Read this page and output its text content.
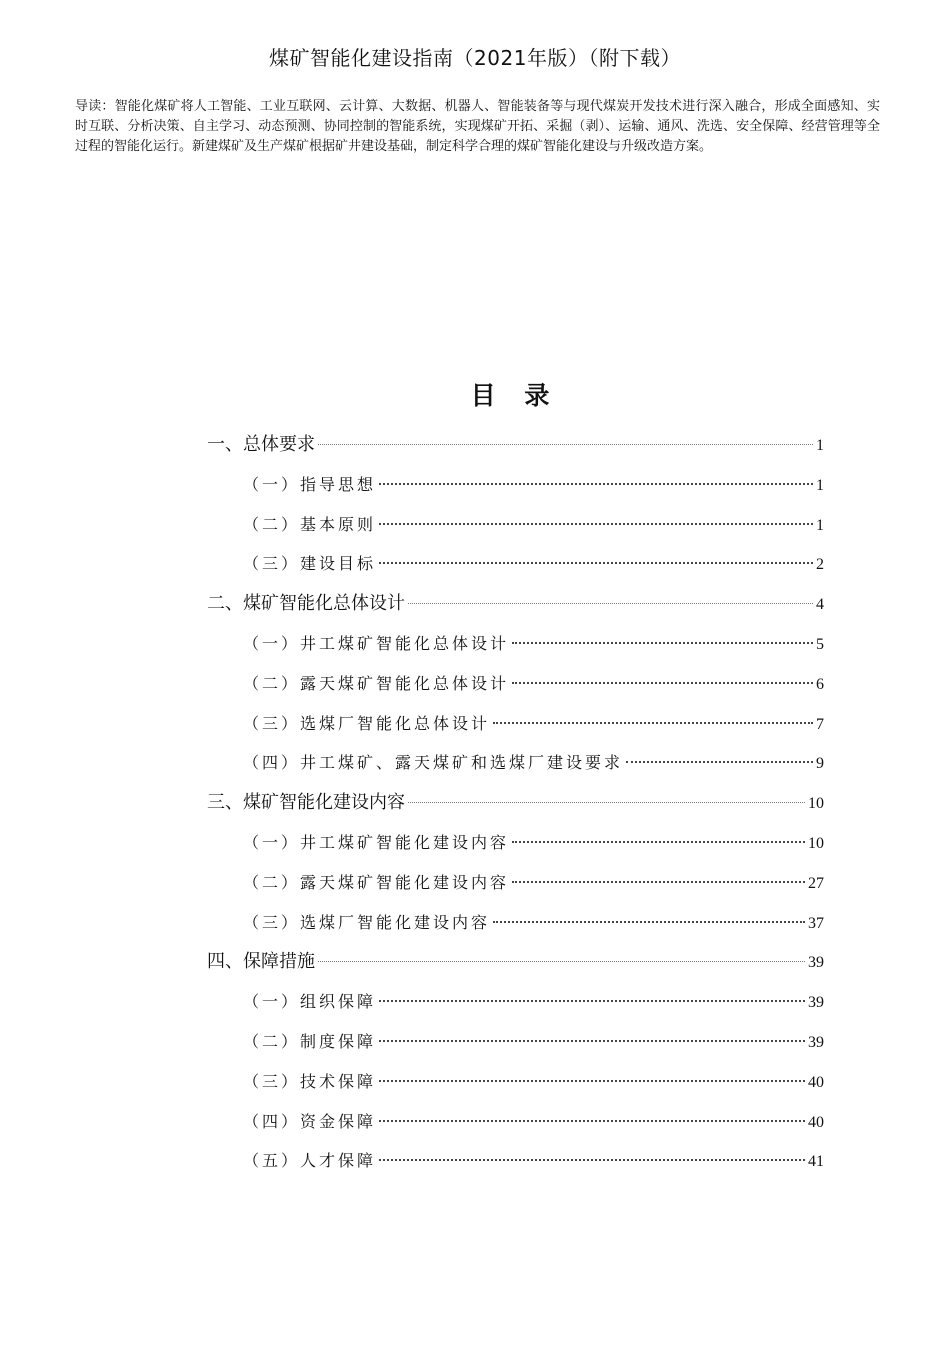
煤矿智能化建设指南（2021年版）（附下载）
导读：智能化煤矿将人工智能、工业互联网、云计算、大数据、机器人、智能装备等与现代煤炭开发技术进行深入融合，形成全面感知、实时互联、分析决策、自主学习、动态预测、协同控制的智能系统，实现煤矿开拓、采掘（剥）、运输、通风、洗选、安全保障、经营管理等全过程的智能化运行。新建煤矿及生产煤矿根据矿井建设基础，制定科学合理的煤矿智能化建设与升级改造方案。
目 录
一、总体要求	1
（一）指导思想	1
（二）基本原则	1
（三）建设目标	2
二、煤矿智能化总体设计	4
（一）井工煤矿智能化总体设计	5
（二）露天煤矿智能化总体设计	6
（三）选煤厂智能化总体设计	7
（四）井工煤矿、露天煤矿和选煤厂建设要求	9
三、煤矿智能化建设内容	10
（一）井工煤矿智能化建设内容	10
（二）露天煤矿智能化建设内容	27
（三）选煤厂智能化建设内容	37
四、保障措施	39
（一）组织保障	39
（二）制度保障	39
（三）技术保障	40
（四）资金保障	40
（五）人才保障	41
